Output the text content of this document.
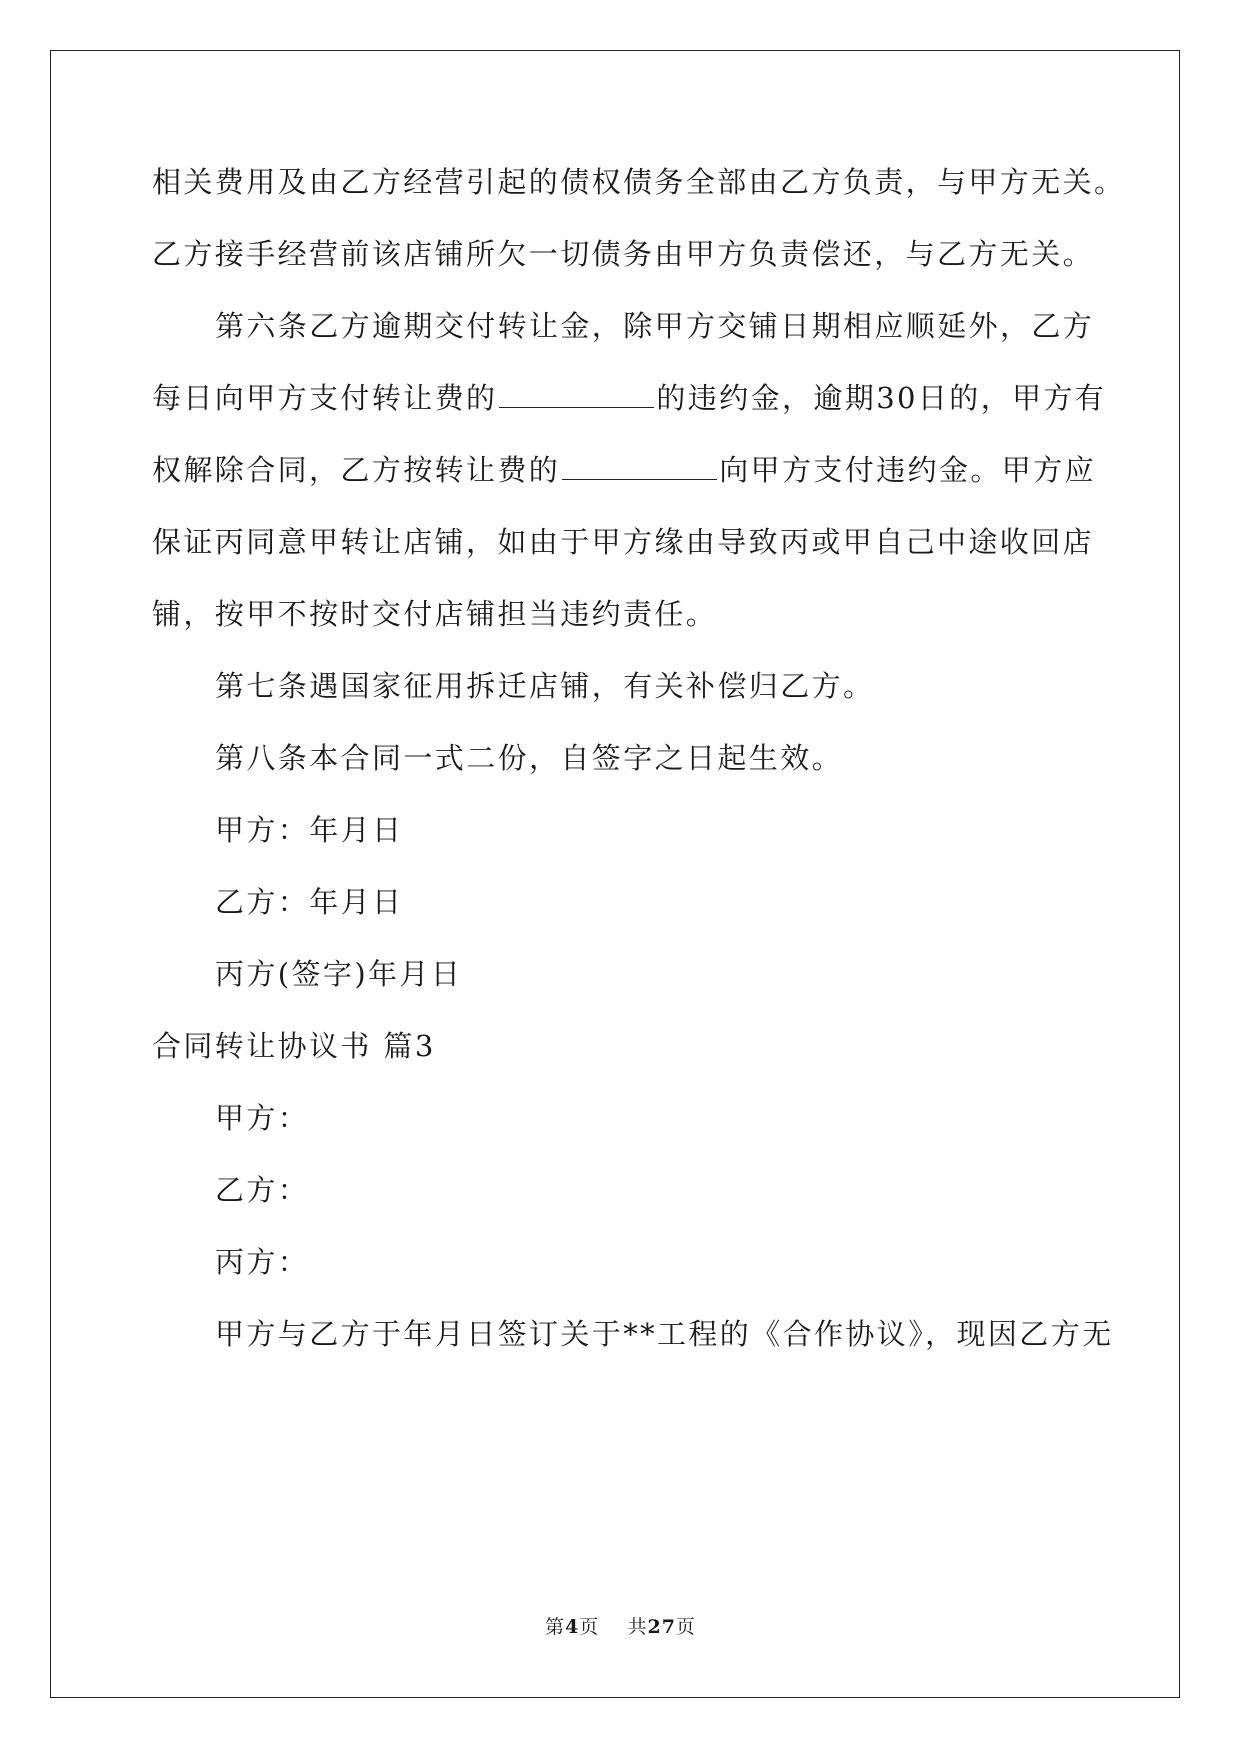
相关费用及由乙方经营引起的债权债务全部由乙方负责，与甲方无关。
乙方接手经营前该店铺所欠一切债务由甲方负责偿还，与乙方无关。
第六条乙方逾期交付转让金，除甲方交铺日期相应顺延外，乙方
每日向甲方支付转让费的	的违约金，逾期30日的，甲方有
权解除合同，乙方按转让费的	向甲方支付违约金。甲方应
保证丙同意甲转让店铺，如由于甲方缘由导致丙或甲自己中途收回店
铺，按甲不按时交付店铺担当违约责任。
第七条遇国家征用拆迁店铺，有关补偿归乙方。
第八条本合同一式二份，自签字之日起生效。
甲方：年月日
乙方：年月日
丙方(签字)年月日
合同转让协议书 篇3
甲方：
乙方：
丙方：
甲方与乙方于年月日签订关于**工程的《合作协议》，现因乙方无
第4页    共27页
